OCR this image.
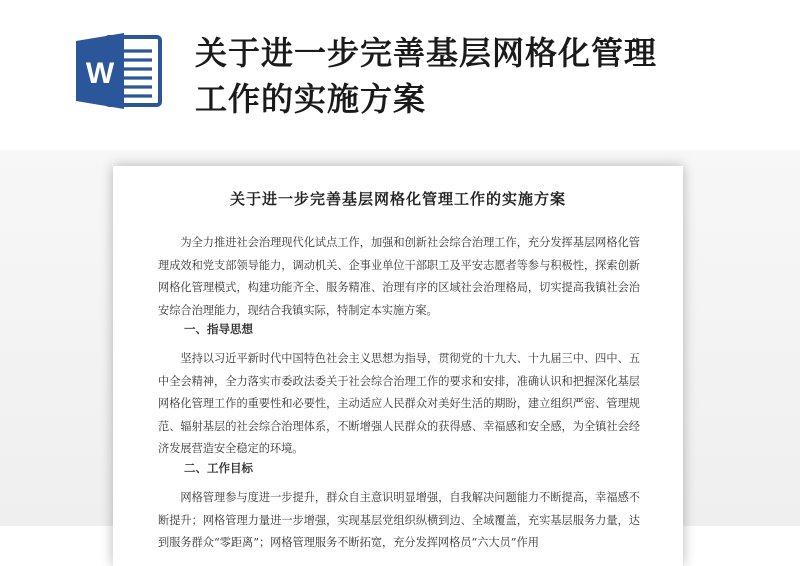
W
关于进一步完善基层网格化管理
工作的实施方案
关于进一步完善基层网格化管理工作的实施方案
为全力推进社会治理现代化试点工作，加强和创新社会综合治理工作，充分发挥基层网格化管理成效和党支部领导能力，调动机关、企事业单位干部职工及平安志愿者等参与积极性，探索创新网格化管理模式，构建功能齐全、服务精准、治理有序的区域社会治理格局，切实提高我镇社会治安综合治理能力，现结合我镇实际，特制定本实施方案。
一、指导思想
坚持以习近平新时代中国特色社会主义思想为指导，贯彻党的十九大、十九届三中、四中、五中全会精神，全力落实市委政法委关于社会综合治理工作的要求和安排，准确认识和把握深化基层网格化管理工作的重要性和必要性，主动适应人民群众对美好生活的期盼，建立组织严密、管理规范、辐射基层的社会综合治理体系，不断增强人民群众的获得感、幸福感和安全感，为全镇社会经济发展营造安全稳定的环境。
二、工作目标
网格管理参与度进一步提升，群众自主意识明显增强，自我解决问题能力不断提高，幸福感不断提升；网格管理力量进一步增强，实现基层党组织纵横到边、全域覆盖，充实基层服务力量，达到服务群众“零距离”；网格管理服务不断拓宽，充分发挥网格员“六大员”作用
